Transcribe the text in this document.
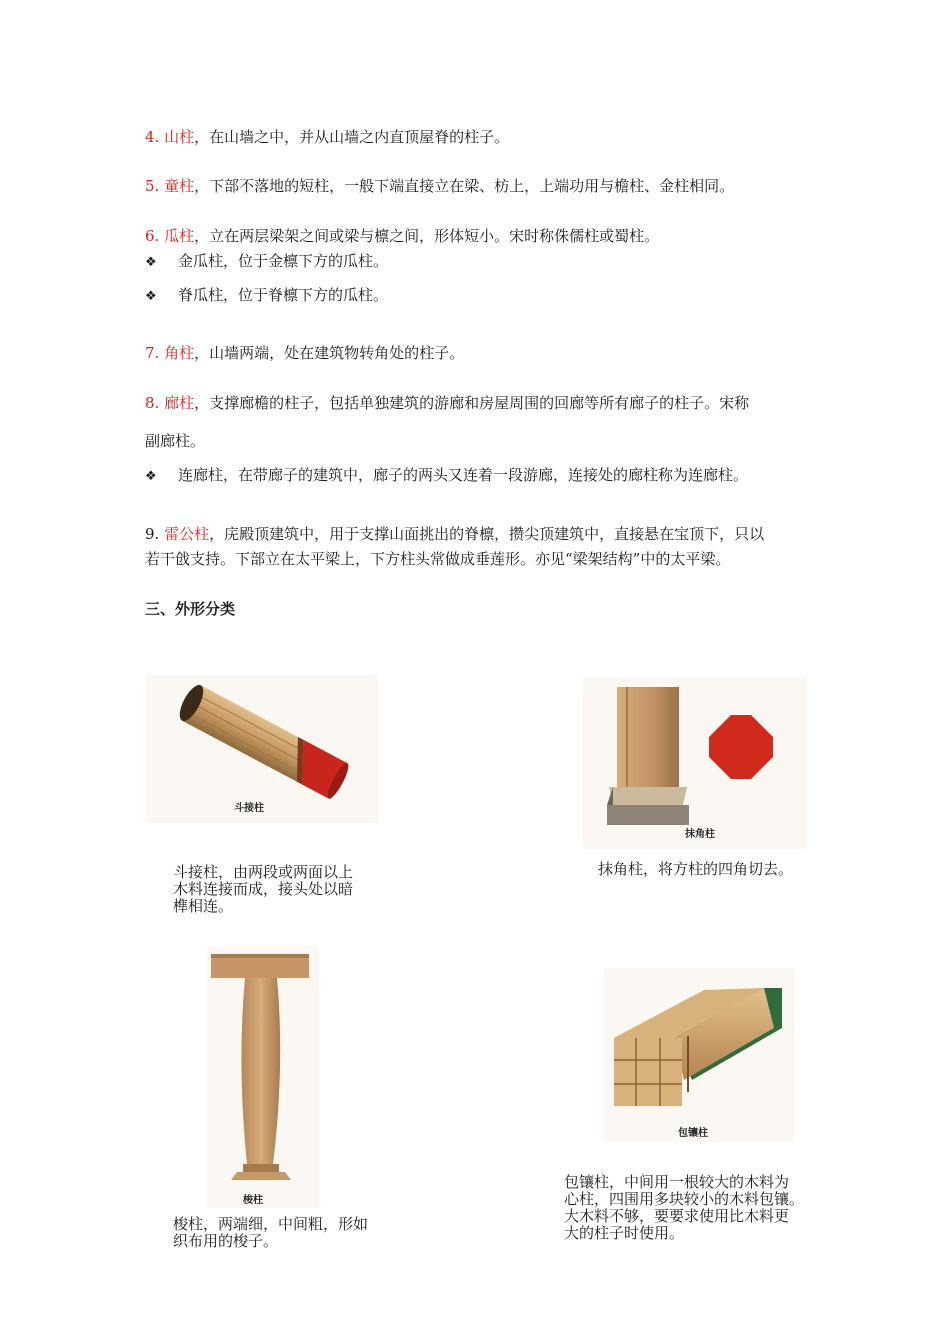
4. 山柱，在山墙之中，并从山墙之内直顶屋脊的柱子。
5. 童柱，下部不落地的短柱，一般下端直接立在梁、枋上，上端功用与檐柱、金柱相同。
6. 瓜柱，立在两层梁架之间或梁与檩之间，形体短小。宋时称侏儒柱或蜀柱。
❖ 金瓜柱，位于金檩下方的瓜柱。
❖ 脊瓜柱，位于脊檩下方的瓜柱。
7. 角柱，山墙两端，处在建筑物转角处的柱子。
8. 廊柱，支撑廊檐的柱子，包括单独建筑的游廊和房屋周围的回廊等所有廊子的柱子。宋称
副廊柱。
❖ 连廊柱，在带廊子的建筑中，廊子的两头又连着一段游廊，连接处的廊柱称为连廊柱。
9. 雷公柱，庑殿顶建筑中，用于支撑山面挑出的脊檩，攒尖顶建筑中，直接悬在宝顶下，只以
若干戗支持。下部立在太平梁上，下方柱头常做成垂莲形。亦见“梁架结构”中的太平梁。
三、外形分类
斗接柱
斗接柱，由两段或两面以上
木料连接而成，接头处以暗
榫相连。
抹角柱
抹角柱，将方柱的四角切去。
梭柱
梭柱，两端细，中间粗，形如
织布用的梭子。
包镶柱
包镶柱，中间用一根较大的木料为
心柱，四围用多块较小的木料包镶。
大木料不够，要要求使用比木料更
大的柱子时使用。
